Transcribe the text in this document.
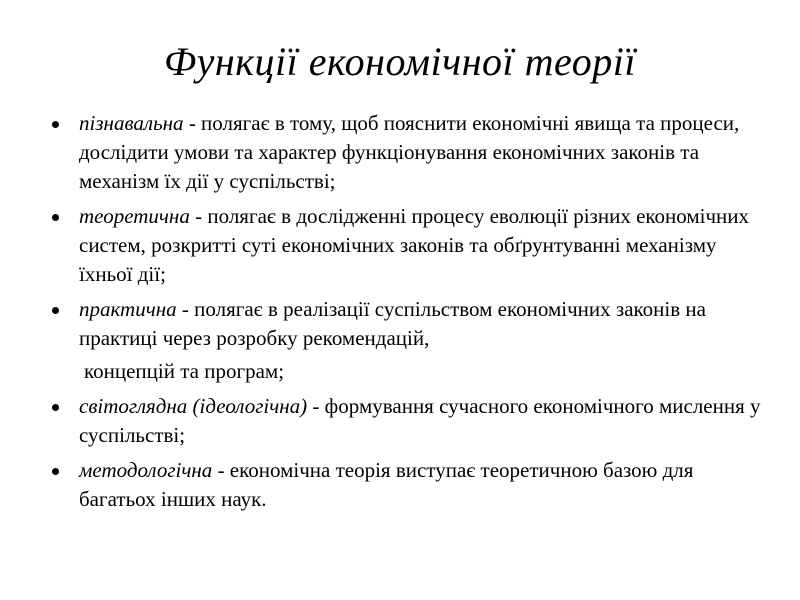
Функції економічної теорії
пізнавальна - полягає в тому, щоб пояснити економічні явища та процеси, дослідити умови та характер функціонування економічних законів та механізм їх дії у суспільстві;
теоретична - полягає в дослідженні процесу еволюції різних економічних систем, розкритті суті економічних законів та обґрунтуванні механізму їхньої дії;
практична - полягає в реалізації суспільством економічних законів на практиці через розробку рекомендацій,
концепцій та програм;
світоглядна (ідеологічна) - формування сучасного економічного мислення у суспільстві;
методологічна - економічна теорія виступає теоретичною базою для багатьох інших наук.
